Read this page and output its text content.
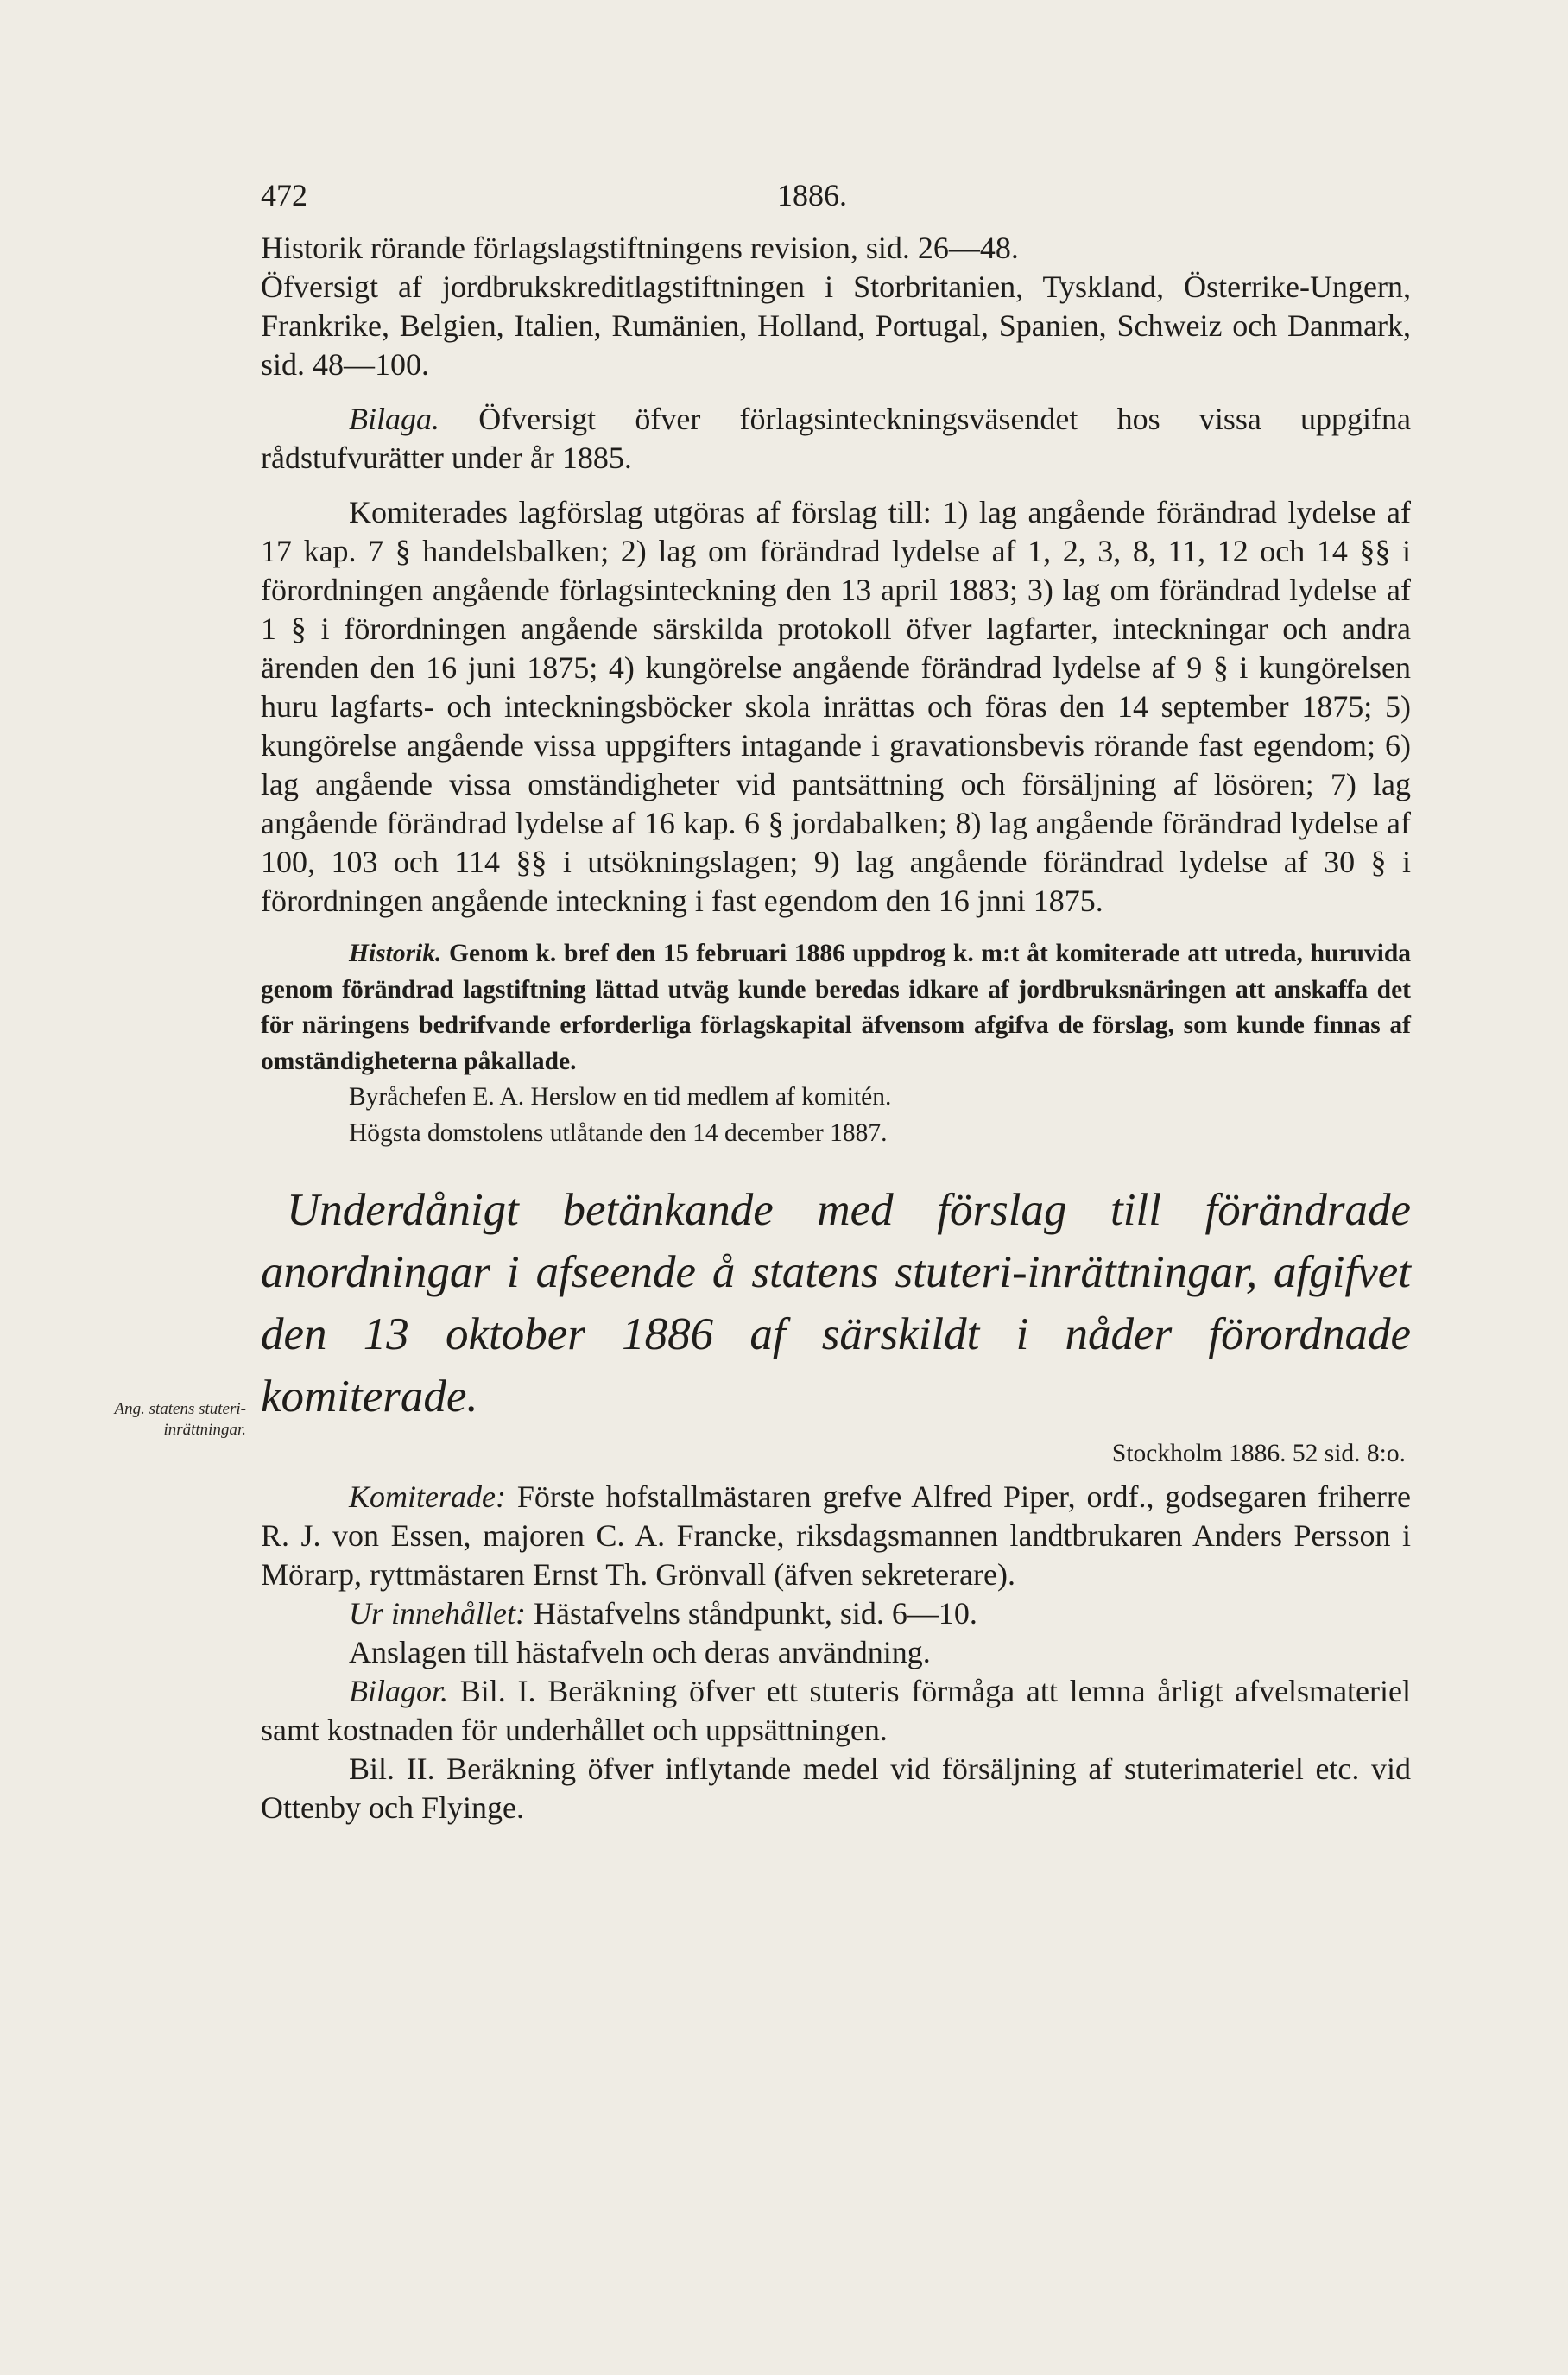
472	1886.
Ang. statens stuteri-inrättningar.

Historik rörande förlagslagstiftningens revision, sid. 26—48.

Öfversigt af jordbrukskreditlagstiftningen i Storbritanien, Tyskland, Österrike-Ungern, Frankrike, Belgien, Italien, Rumänien, Holland, Portugal, Spanien, Schweiz och Danmark, sid. 48—100.

Bilaga. Öfversigt öfver förlagsinteckningsväsendet hos vissa uppgifna rådstufvurätter under år 1885.

Komiterades lagförslag utgöras af förslag till: 1) lag angående förändrad lydelse af 17 kap. 7 § handelsbalken; 2) lag om förändrad lydelse af 1, 2, 3, 8, 11, 12 och 14 §§ i förordningen angående förlagsinteckning den 13 april 1883; 3) lag om förändrad lydelse af 1 § i förordningen angående särskilda protokoll öfver lagfarter, inteckningar och andra ärenden den 16 juni 1875; 4) kungörelse angående förändrad lydelse af 9 § i kungörelsen huru lagfarts- och inteckningsböcker skola inrättas och föras den 14 september 1875; 5) kungörelse angående vissa uppgifters intagande i gravationsbevis rörande fast egendom; 6) lag angående vissa omständigheter vid pantsättning och försäljning af lösören; 7) lag angående förändrad lydelse af 16 kap. 6 § jordabalken; 8) lag angående förändrad lydelse af 100, 103 och 114 §§ i utsökningslagen; 9) lag angående förändrad lydelse af 30 § i förordningen angående inteckning i fast egendom den 16 jnni 1875.

Historik. Genom k. bref den 15 februari 1886 uppdrog k. m:t åt komiterade att utreda, huruvida genom förändrad lagstiftning lättad utväg kunde beredas idkare af jordbruksnäringen att anskaffa det för näringens bedrifvande erforderliga förlagskapital äfvensom afgifva de förslag, som kunde finnas af omständigheterna påkallade.

Byråchefen E. A. Herslow en tid medlem af komitén.

Högsta domstolens utlåtande den 14 december 1887.

Underdånigt betänkande med förslag till förändrade anordningar i afseende å statens stuteri-inrättningar, afgifvet den 13 oktober 1886 af särskildt i nåder förordnade komiterade.

Stockholm 1886. 52 sid. 8:o.

Komiterade: Förste hofstallmästaren grefve Alfred Piper, ordf., godsegaren friherre R. J. von Essen, majoren C. A. Francke, riksdagsmannen landtbrukaren Anders Persson i Mörarp, ryttmästaren Ernst Th. Grönvall (äfven sekreterare).

Ur innehållet: Hästafvelns ståndpunkt, sid. 6—10.

Anslagen till hästafveln och deras användning.

Bilagor. Bil. I. Beräkning öfver ett stuteris förmåga att lemna årligt afvelsmateriel samt kostnaden för underhållet och uppsättningen.

Bil. II. Beräkning öfver inflytande medel vid försäljning af stuterimateriel etc. vid Ottenby och Flyinge.
